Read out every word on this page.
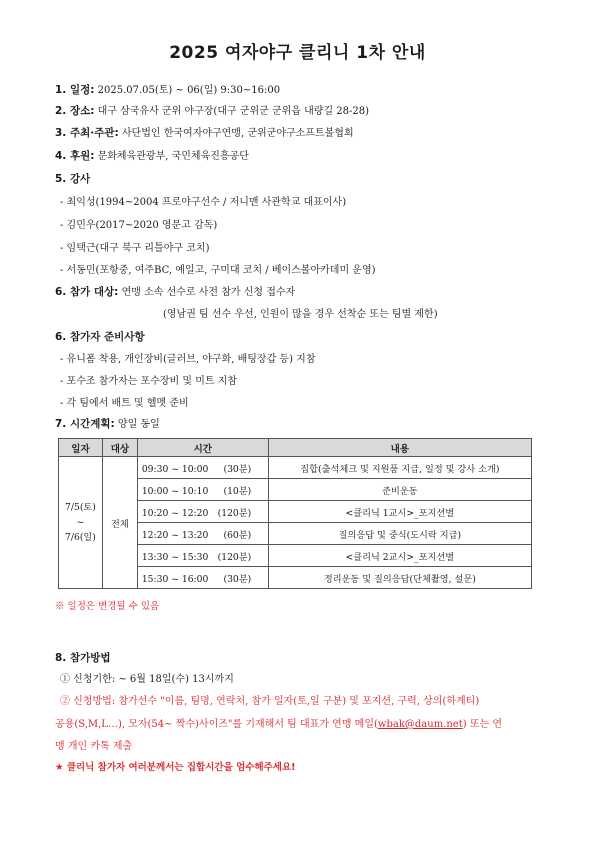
2025 여자야구 클리니 1차 안내
1. 일정: 2025.07.05(토) ~ 06(일) 9:30~16:00
2. 장소: 대구 삼국유사 군위 야구장(대구 군위군 군위읍 내량길 28-28)
3. 주최·주관: 사단법인 한국여자야구연맹, 군위군야구소프트볼협회
4. 후원: 문화체육관광부, 국민체육진흥공단
5. 강사
- 최익성(1994~2004 프로야구선수 / 저니맨 사관학교 대표이사)
- 김민우(2017~2020 영문고 감독)
- 임택근(대구 북구 리틀야구 코치)
- 서동민(포항중, 여주BC, 예일고, 구미대 코치 / 베이스볼아카데미 운영)
6. 참가 대상: 연맹 소속 선수로 사전 참가 신청 접수자
(영남권 팀 선수 우선, 인원이 많을 경우 선착순 또는 팀별 제한)
6. 참가자 준비사항
- 유니폼 착용, 개인장비(글러브, 야구화, 배팅장갑 등) 지참
- 포수조 참가자는 포수장비 및 미트 지참
- 각 팀에서 배트 및 헬멧 준비
7. 시간계획: 양일 동일
일자	대상	시간	내용

7/5(토)
~
7/6(일)	전체	09:30 ~ 10:00 (30분)	집합(출석체크 및 지원품 지급, 일정 및 강사 소개)
		10:00 ~ 10:10 (10분)	준비운동
		10:20 ~ 12:20 (120분)	<클리닉 1교시>_포지션별
		12:20 ~ 13:20 (60분)	질의응답 및 중식(도시락 지급)
		13:30 ~ 15:30 (120분)	<클리닉 2교시>_포지션별
		15:30 ~ 16:00 (30분)	정리운동 및 질의응답(단체촬영, 설문)
※ 일정은 변경될 수 있음
8. 참가방법
① 신청기한: ~ 6월 18일(수) 13시까지
② 신청방법: 참가선수 "이름, 팀명, 연락처, 참가 일자(토,일 구분) 및 포지션, 구력, 상의(하계티)
공용(S,M,L…), 모자(54~ 짝수)사이즈"를 기재해서 팀 대표가 연맹 메일(wbak@daum.net) 또는 연
맹 개인 카톡 제출
★ 클리닉 참가자 여러분께서는 집합시간을 엄수해주세요!
